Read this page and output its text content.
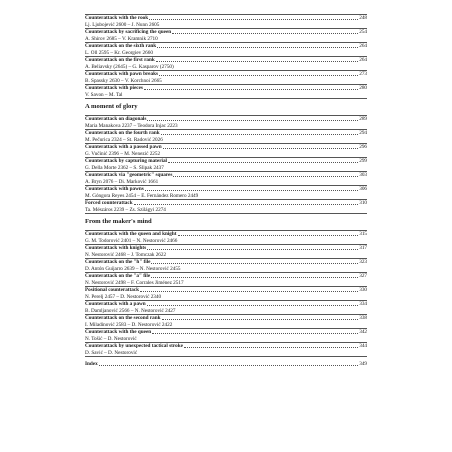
Counterattack with the rook	248
Lj. Ljubojević 2600 – J. Nunn 2605
Counterattack by sacrificing the queen	254
A. Shirov 2685 – V. Kramnik 2710
Counterattack on the sixth rank	264
L. Oll 2595 – Kr. Georgiev 2660
Counterattack on the first rank	264
A. Beliavsky (2645) – G. Kasparov (2750)
Counterattack with pawn breaks	273
B. Spassky 2630 – V. Korchnoi 2665
Counterattack with pieces	280
V. Savon – M. Tal
A moment of glory
Counterattack on diagonals	289
Maria Manakova 2237 – Teodora Injac 2223
Counterattack on the fourth rank	294
M. Pečurica 2324 – St. Radović 2026
Counterattack with a passed pawn	296
G. Vučinić 2396 – M. Nenezić 2252
Counterattack by capturing material	299
G. Della Morte 2362 – S. Šlipak 2437
Counterattack via "geometric" squares	303
A. Bryn 2076 – Di. Marković 1661
Counterattack with pawns	306
M. Góngora Reyes 2454 – E. Fernández Romero 2449
Forced counterattack	310
Ta. Mészáros 2239 – Zs. Szilágyi 2274
From the maker's mind
Counterattack with the queen and knight	315
G. M. Todorović 2401 – N. Nestorović 2466
Counterattack with knights	317
N. Nestorović 2468 – J. Tomczak 2622
Counterattack on the "h" file	323
D. Antón Guijarro 2639 – N. Nestorović 2455
Counterattack on the "a" file	327
N. Nestorović 2498 – F. Corrales Jiménez 2517
Positional counterattack	330
N. Perelj 2457 – D. Nestorović 2340
Counterattack with a pawn	334
B. Damljanović 2566 – N. Nestorović 2427
Counterattack on the second rank	338
I. Miladinović 2583 – D. Nestorović 2422
Counterattack with the queen	342
N. Tošić – D. Nestorović
Counterattack by unexpected tactical stroke	344
D. Savić – D. Nestorović
Index	349
